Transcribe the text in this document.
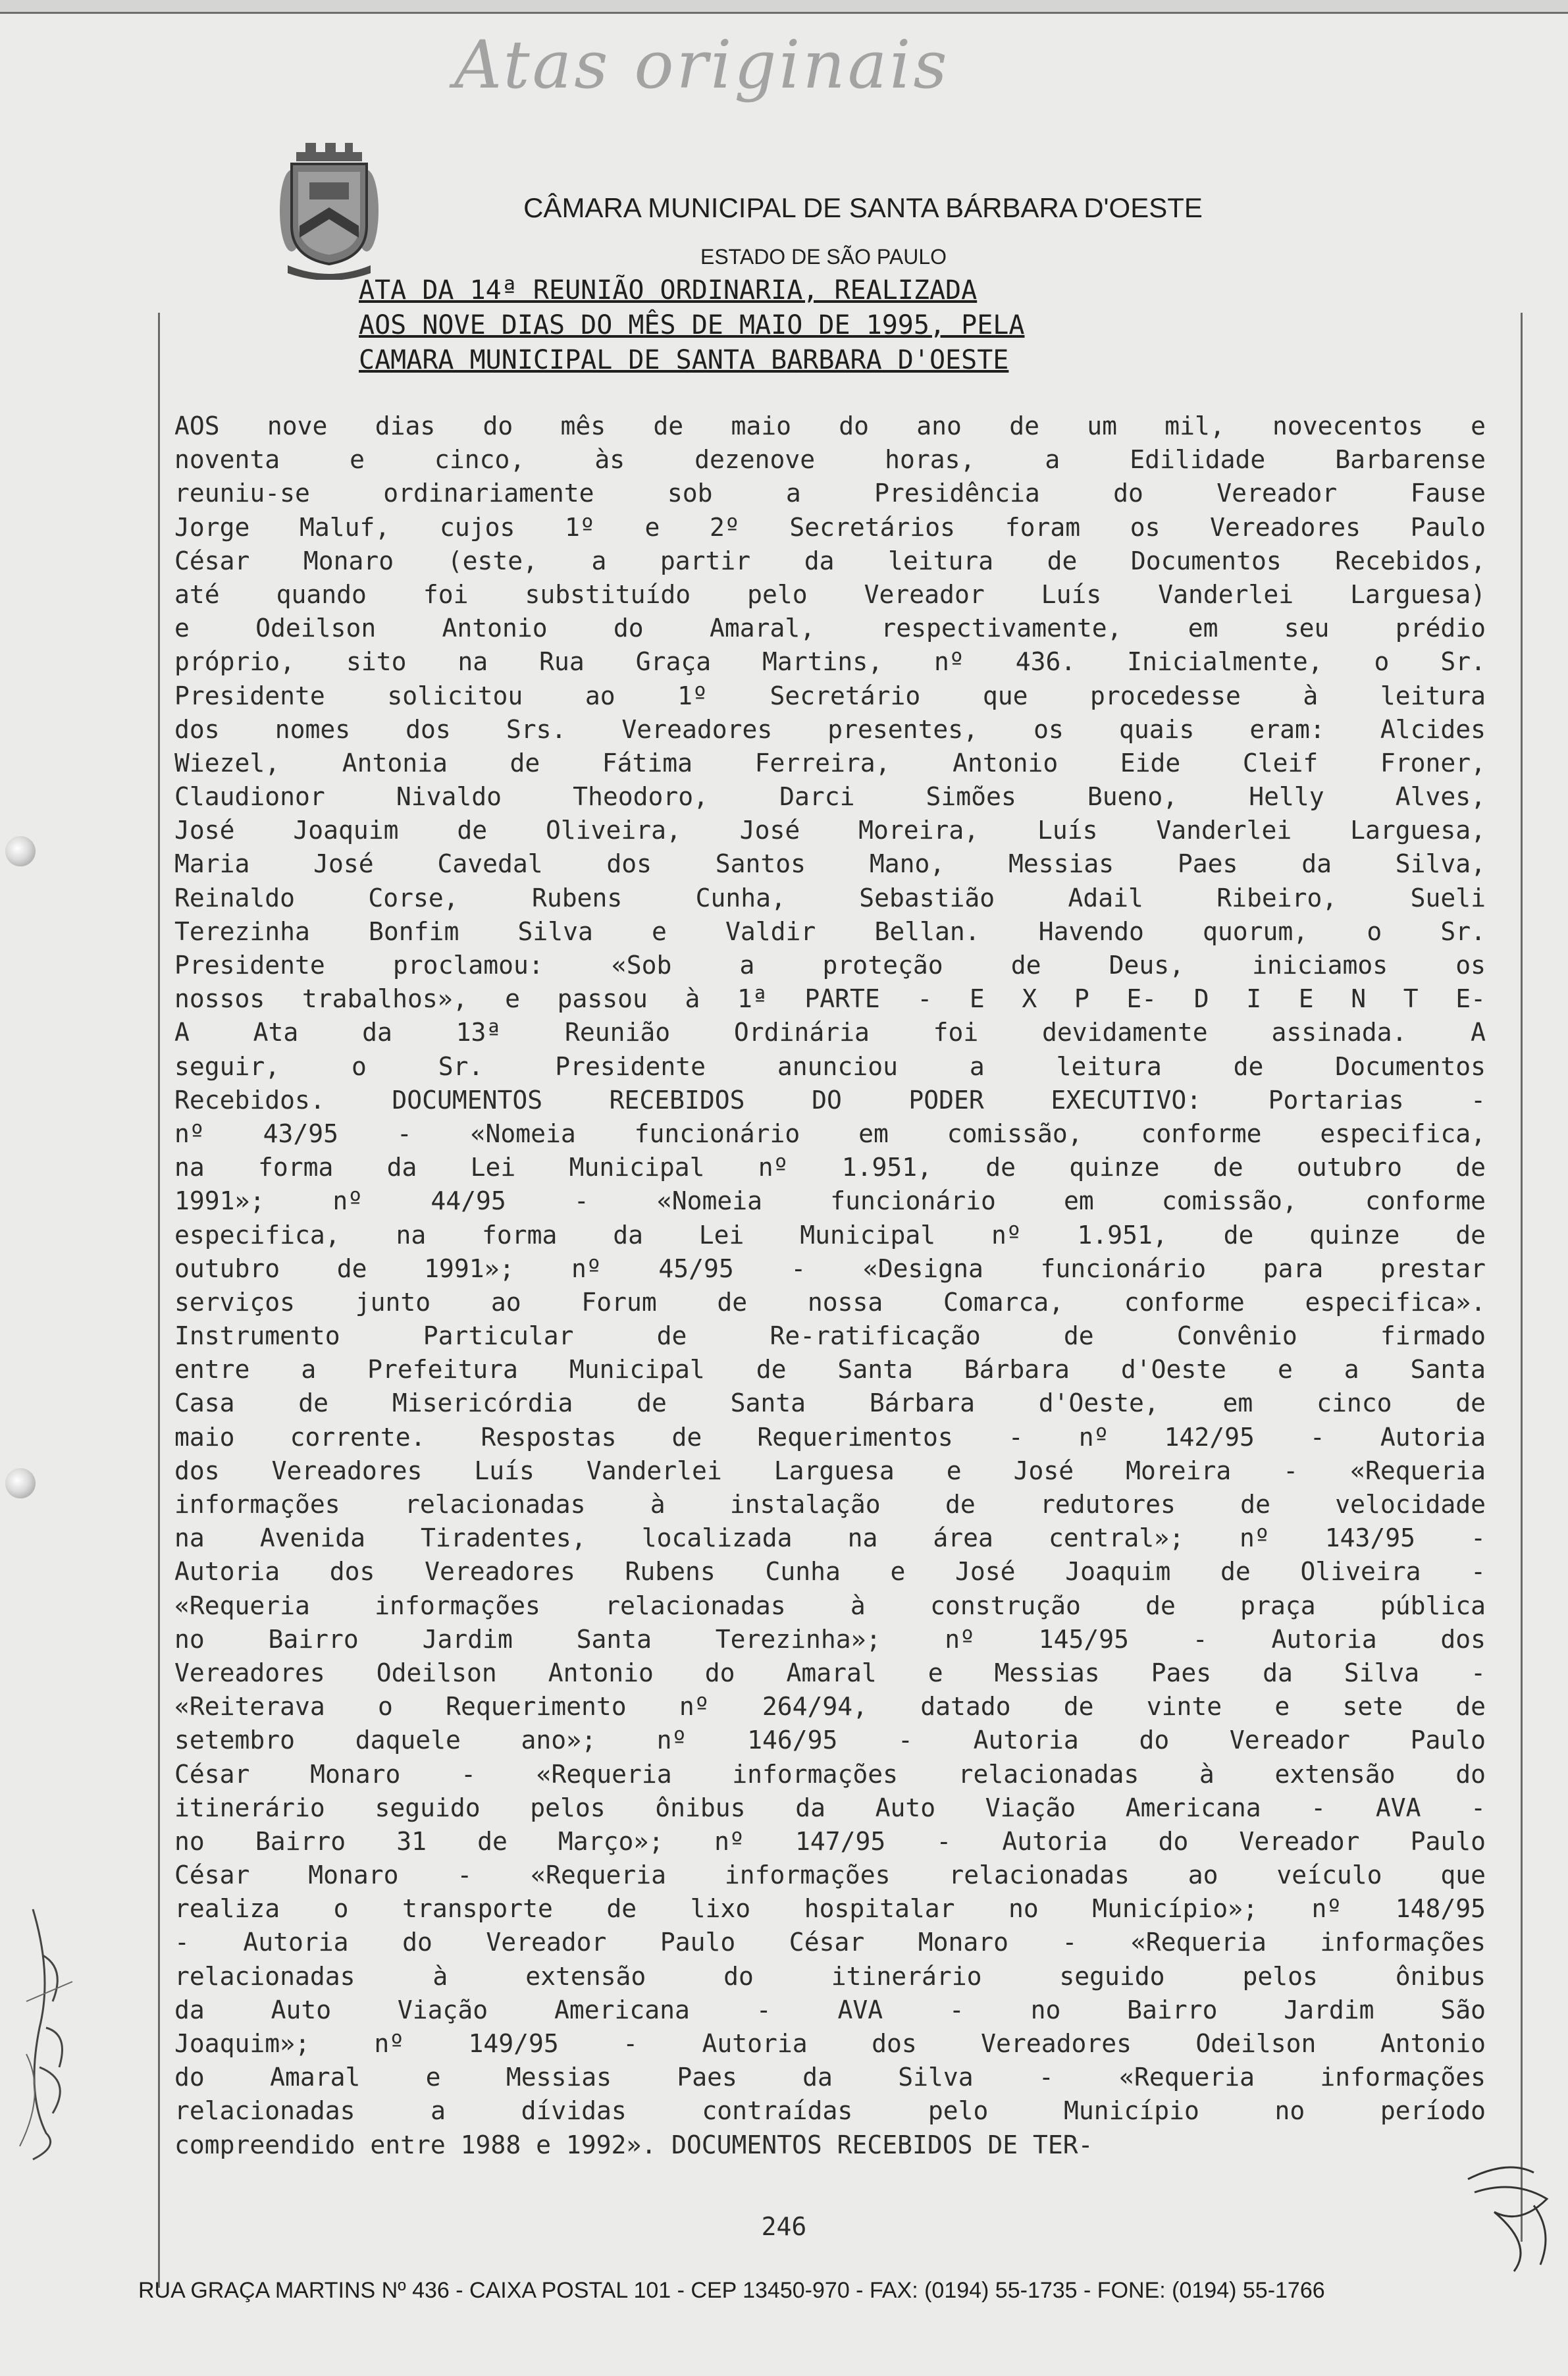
Atas originais
CÂMARA MUNICIPAL DE SANTA BÁRBARA D'OESTE
ESTADO DE SÃO PAULO
ATA DA 14ª REUNIÃO ORDINARIA, REALIZADA
AOS NOVE DIAS DO MÊS DE MAIO DE 1995, PELA
CAMARA MUNICIPAL DE SANTA BARBARA D'OESTE
AOS nove dias do mês de maio do ano de um mil, novecentos e
noventa e cinco, às dezenove horas, a Edilidade Barbarense
reuniu-se ordinariamente sob a Presidência do Vereador Fause
Jorge Maluf, cujos 1º e 2º Secretários foram os Vereadores Paulo
César Monaro (este, a partir da leitura de Documentos Recebidos,
até quando foi substituído pelo Vereador Luís Vanderlei Larguesa)
e Odeilson Antonio do Amaral, respectivamente, em seu prédio
próprio, sito na Rua Graça Martins, nº 436. Inicialmente, o Sr.
Presidente solicitou ao 1º Secretário que procedesse à leitura
dos nomes dos Srs. Vereadores presentes, os quais eram: Alcides
Wiezel, Antonia de Fátima Ferreira, Antonio Eide Cleif Froner,
Claudionor Nivaldo Theodoro, Darci Simões Bueno, Helly Alves,
José Joaquim de Oliveira, José Moreira, Luís Vanderlei Larguesa,
Maria José Cavedal dos Santos Mano, Messias Paes da Silva,
Reinaldo Corse, Rubens Cunha, Sebastião Adail Ribeiro, Sueli
Terezinha Bonfim Silva e Valdir Bellan. Havendo quorum, o Sr.
Presidente proclamou: «Sob a proteção de Deus, iniciamos os
nossos trabalhos», e passou à 1ª PARTE - E X P E- D I E N T E-
A Ata da 13ª Reunião Ordinária foi devidamente assinada. A
seguir, o Sr. Presidente anunciou a leitura de Documentos
Recebidos. DOCUMENTOS RECEBIDOS DO PODER EXECUTIVO: Portarias -
nº 43/95 - «Nomeia funcionário em comissão, conforme especifica,
na forma da Lei Municipal nº 1.951, de quinze de outubro de
1991»; nº 44/95 - «Nomeia funcionário em comissão, conforme
especifica, na forma da Lei Municipal nº 1.951, de quinze de
outubro de 1991»; nº 45/95 - «Designa funcionário para prestar
serviços junto ao Forum de nossa Comarca, conforme especifica».
Instrumento Particular de Re-ratificação de Convênio firmado
entre a Prefeitura Municipal de Santa Bárbara d'Oeste e a Santa
Casa de Misericórdia de Santa Bárbara d'Oeste, em cinco de
maio corrente. Respostas de Requerimentos - nº 142/95 - Autoria
dos Vereadores Luís Vanderlei Larguesa e José Moreira - «Requeria
informações relacionadas à instalação de redutores de velocidade
na Avenida Tiradentes, localizada na área central»; nº 143/95 -
Autoria dos Vereadores Rubens Cunha e José Joaquim de Oliveira -
«Requeria informações relacionadas à construção de praça pública
no Bairro Jardim Santa Terezinha»; nº 145/95 - Autoria dos
Vereadores Odeilson Antonio do Amaral e Messias Paes da Silva -
«Reiterava o Requerimento nº 264/94, datado de vinte e sete de
setembro daquele ano»; nº 146/95 - Autoria do Vereador Paulo
César Monaro - «Requeria informações relacionadas à extensão do
itinerário seguido pelos ônibus da Auto Viação Americana - AVA -
no Bairro 31 de Março»; nº 147/95 - Autoria do Vereador Paulo
César Monaro - «Requeria informações relacionadas ao veículo que
realiza o transporte de lixo hospitalar no Município»; nº 148/95
- Autoria do Vereador Paulo César Monaro - «Requeria informações
relacionadas à extensão do itinerário seguido pelos ônibus
da Auto Viação Americana - AVA - no Bairro Jardim São
Joaquim»; nº 149/95 - Autoria dos Vereadores Odeilson Antonio
do Amaral e Messias Paes da Silva - «Requeria informações
relacionadas a dívidas contraídas pelo Município no período
compreendido entre 1988 e 1992». DOCUMENTOS RECEBIDOS DE TER-
246
RUA GRAÇA MARTINS Nº 436 - CAIXA POSTAL 101 - CEP 13450-970 - FAX: (0194) 55-1735 - FONE: (0194) 55-1766
